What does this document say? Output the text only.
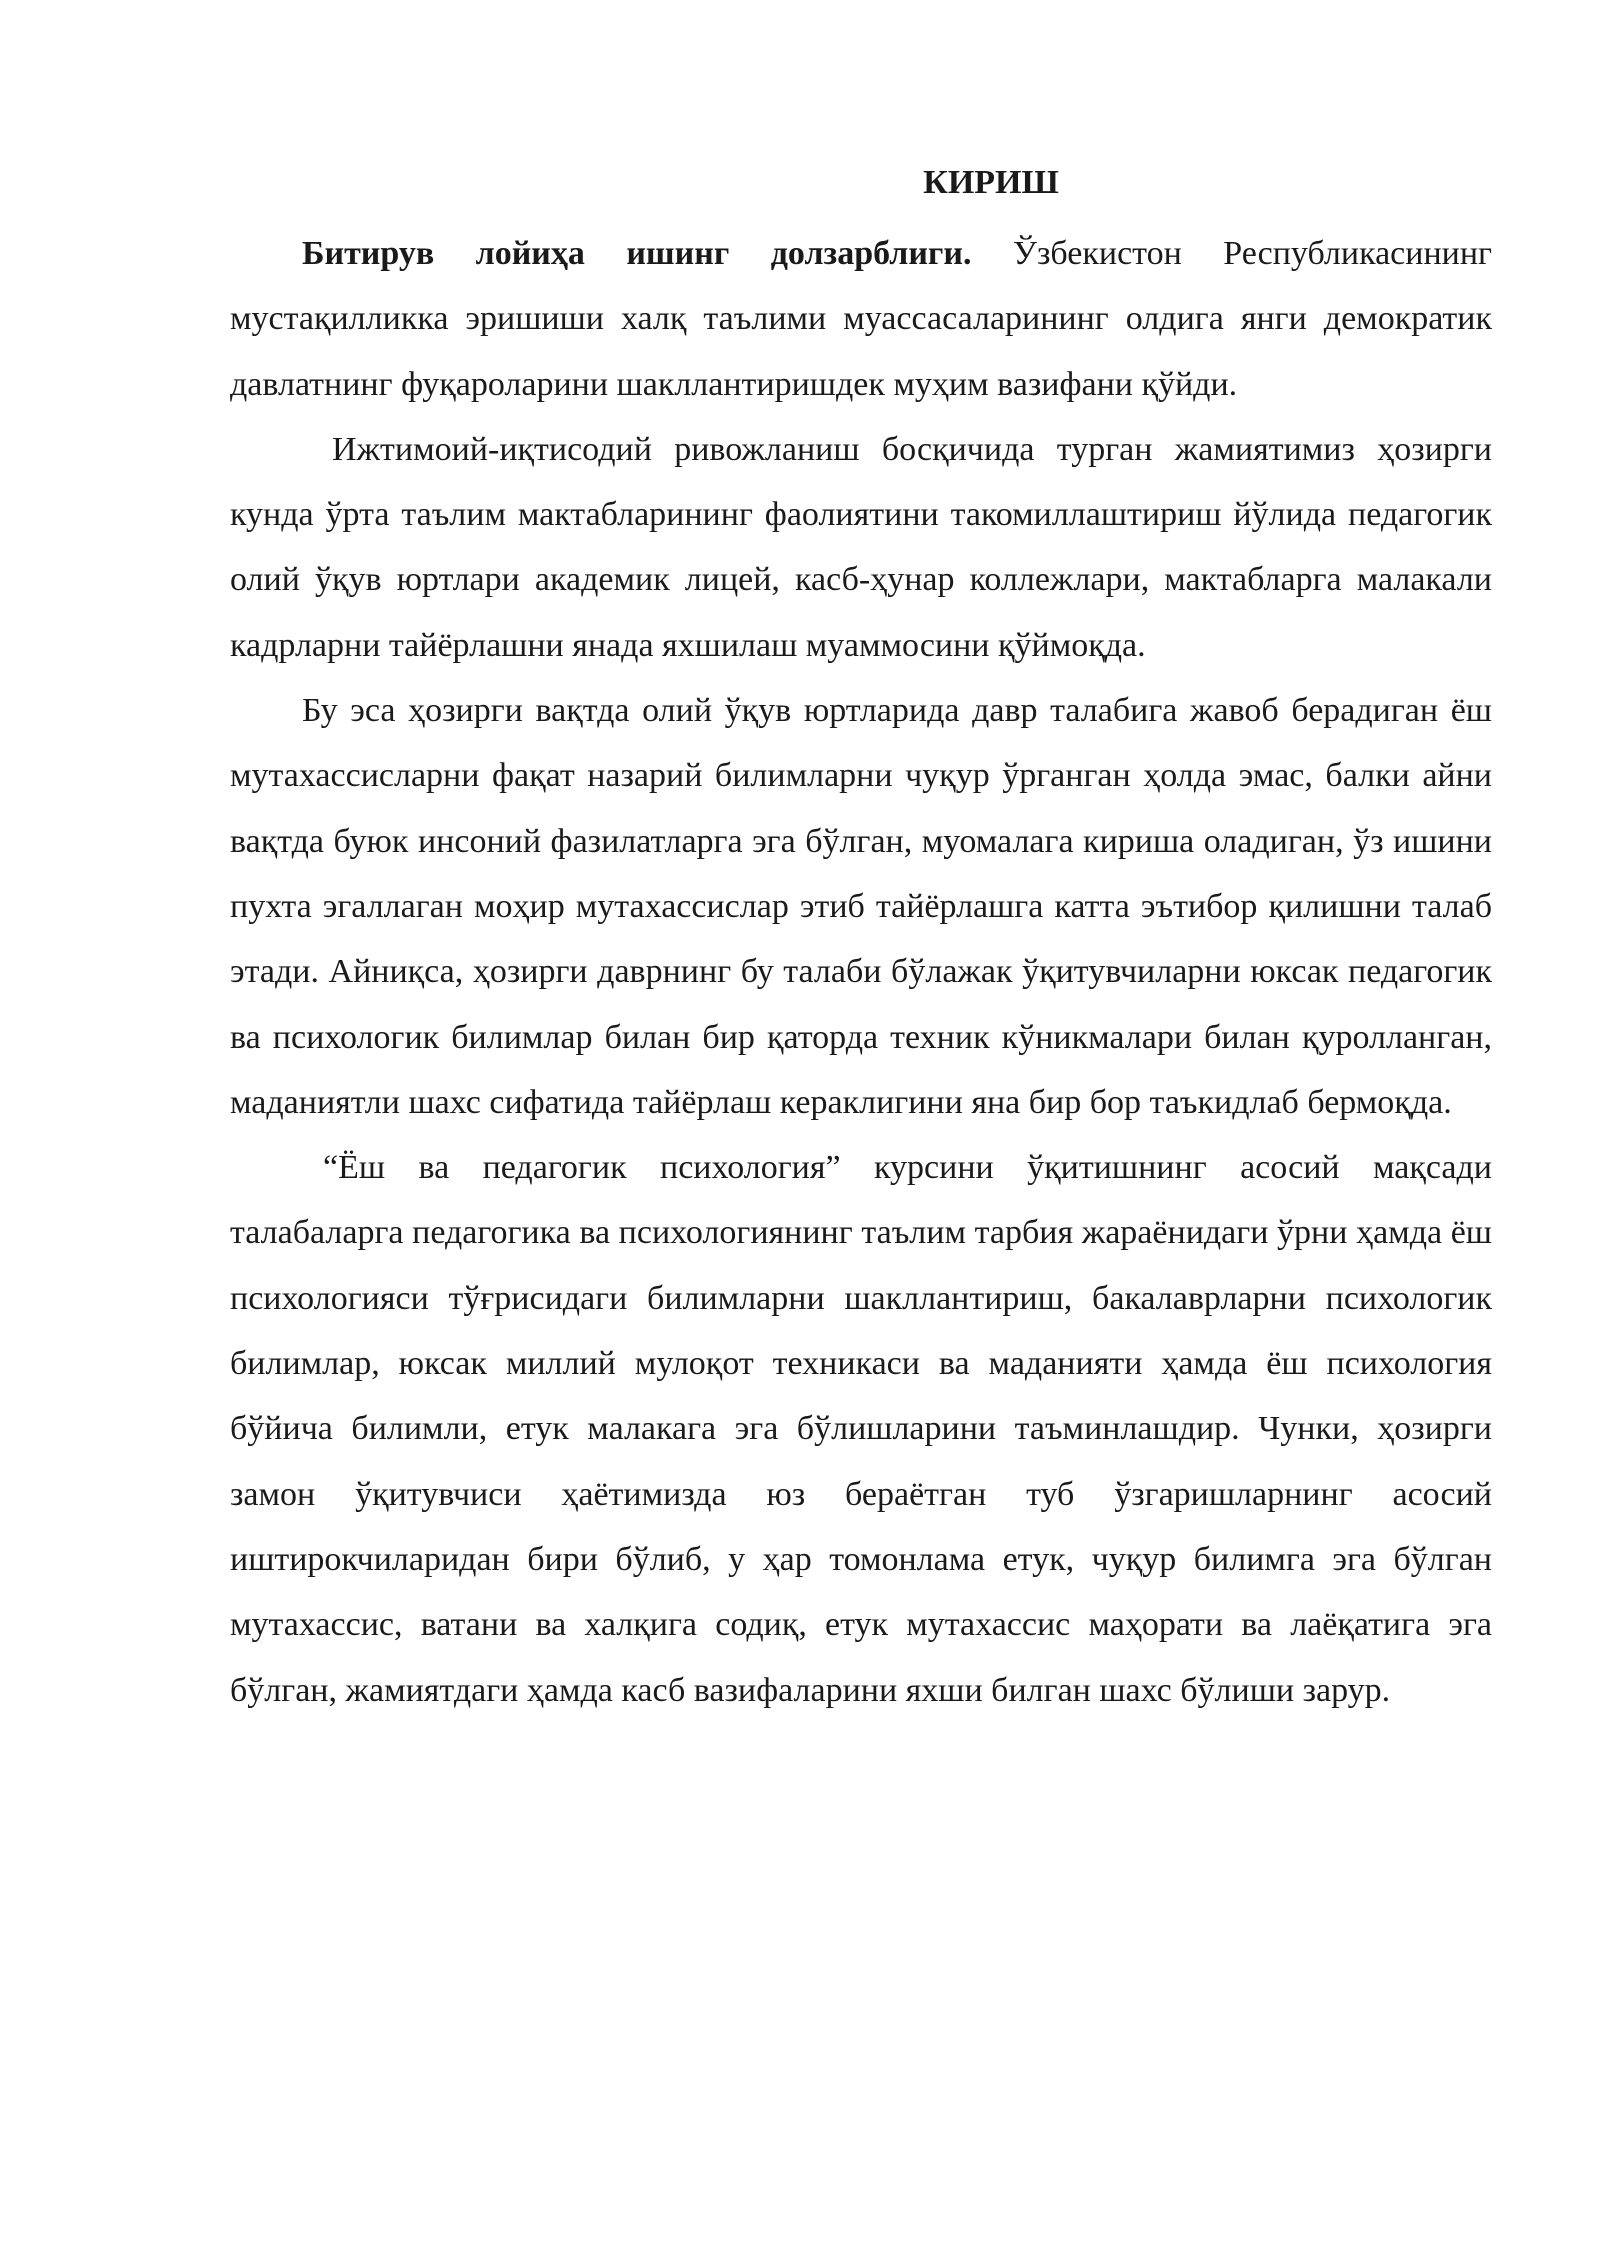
КИРИШ

Битирув лойиҳа ишинг долзарблиги. Ўзбекистон Республикасининг мустақилликка эришиши халқ таълими муассасаларининг олдига янги демократик давлатнинг фуқароларини шакллантиришдек муҳим вазифани қўйди.

Ижтимоий-иқтисодий ривожланиш босқичида турган жамиятимиз ҳозирги кунда ўрта таълим мактабларининг фаолиятини такомиллаштириш йўлида педагогик олий ўқув юртлари академик лицей, касб-ҳунар коллежлари, мактабларга малакали кадрларни тайёрлашни янада яхшилаш муаммосини қўймоқда.

Бу эса ҳозирги вақтда олий ўқув юртларида давр талабига жавоб берадиган ёш мутахассисларни фақат назарий билимларни чуқур ўрганган ҳолда эмас, балки айни вақтда буюк инсоний фазилатларга эга бўлган, муомалага кириша оладиган, ўз ишини пухта эгаллаган моҳир мутахассислар этиб тайёрлашга катта эътибор қилишни талаб этади. Айниқса, ҳозирги даврнинг бу талаби бўлажак ўқитувчиларни юксак педагогик ва психологик билимлар билан бир қаторда техник кўникмалари билан қуролланган, маданиятли шахс сифатида тайёрлаш кераклигини яна бир бор таъкидлаб бермоқда.

“Ёш ва педагогик психология” курсини ўқитишнинг асосий мақсади талабаларга педагогика ва психологиянинг таълим тарбия жараёнидаги ўрни ҳамда ёш психологияси тўғрисидаги билимларни шакллантириш, бакалаврларни психологик билимлар, юксак миллий мулоқот техникаси ва маданияти ҳамда ёш психология бўйича билимли, етук малакага эга бўлишларини таъминлашдир. Чунки, ҳозирги замон ўқитувчиси ҳаётимизда юз бераётган туб ўзгаришларнинг асосий иштирокчиларидан бири бўлиб, у ҳар томонлама етук, чуқур билимга эга бўлган мутахассис, ватани ва халқига содиқ, етук мутахассис маҳорати ва лаёқатига эга бўлган, жамиятдаги ҳамда касб вазифаларини яхши билган шахс бўлиши зарур.
